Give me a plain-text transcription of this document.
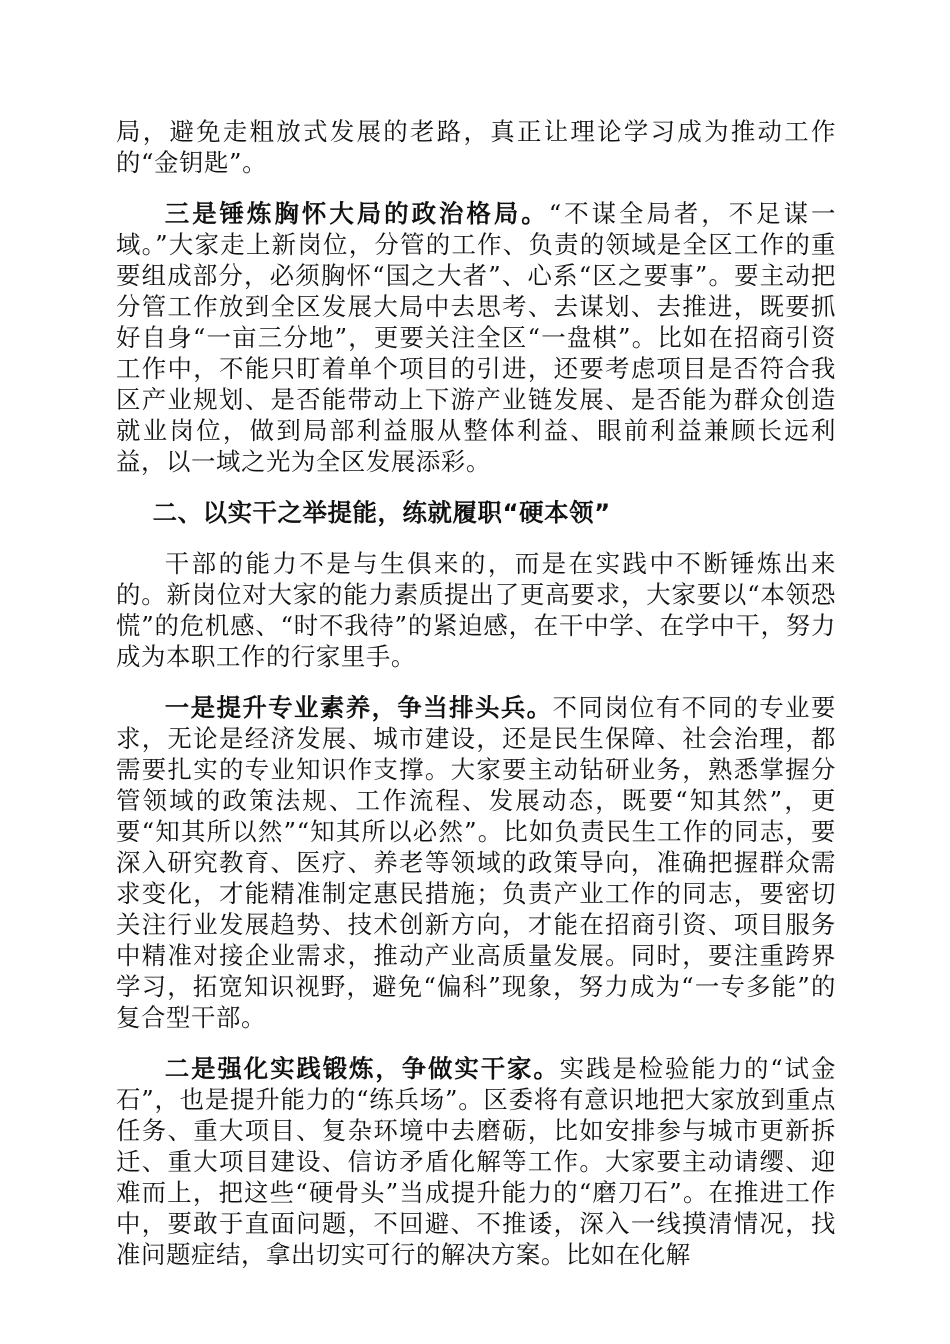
局，避免走粗放式发展的老路，真正让理论学习成为推动工作的“金钥匙”。

三是锤炼胸怀大局的政治格局。“不谋全局者，不足谋一域。”大家走上新岗位，分管的工作、负责的领域是全区工作的重要组成部分，必须胸怀“国之大者”、心系“区之要事”。要主动把分管工作放到全区发展大局中去思考、去谋划、去推进，既要抓好自身“一亩三分地”，更要关注全区“一盘棋”。比如在招商引资工作中，不能只盯着单个项目的引进，还要考虑项目是否符合我区产业规划、是否能带动上下游产业链发展、是否能为群众创造就业岗位，做到局部利益服从整体利益、眼前利益兼顾长远利益，以一域之光为全区发展添彩。

二、以实干之举提能，练就履职“硬本领”

干部的能力不是与生俱来的，而是在实践中不断锤炼出来的。新岗位对大家的能力素质提出了更高要求，大家要以“本领恐慌”的危机感、“时不我待”的紧迫感，在干中学、在学中干，努力成为本职工作的行家里手。

一是提升专业素养，争当排头兵。不同岗位有不同的专业要求，无论是经济发展、城市建设，还是民生保障、社会治理，都需要扎实的专业知识作支撑。大家要主动钻研业务，熟悉掌握分管领域的政策法规、工作流程、发展动态，既要“知其然”，更要“知其所以然”“知其所以必然”。比如负责民生工作的同志，要深入研究教育、医疗、养老等领域的政策导向，准确把握群众需求变化，才能精准制定惠民措施；负责产业工作的同志，要密切关注行业发展趋势、技术创新方向，才能在招商引资、项目服务中精准对接企业需求，推动产业高质量发展。同时，要注重跨界学习，拓宽知识视野，避免“偏科”现象，努力成为“一专多能”的复合型干部。

二是强化实践锻炼，争做实干家。实践是检验能力的“试金石”，也是提升能力的“练兵场”。区委将有意识地把大家放到重点任务、重大项目、复杂环境中去磨砺，比如安排参与城市更新拆迁、重大项目建设、信访矛盾化解等工作。大家要主动请缨、迎难而上，把这些“硬骨头”当成提升能力的“磨刀石”。在推进工作中，要敢于直面问题，不回避、不推诿，深入一线摸清情况，找准问题症结，拿出切实可行的解决方案。比如在化解
